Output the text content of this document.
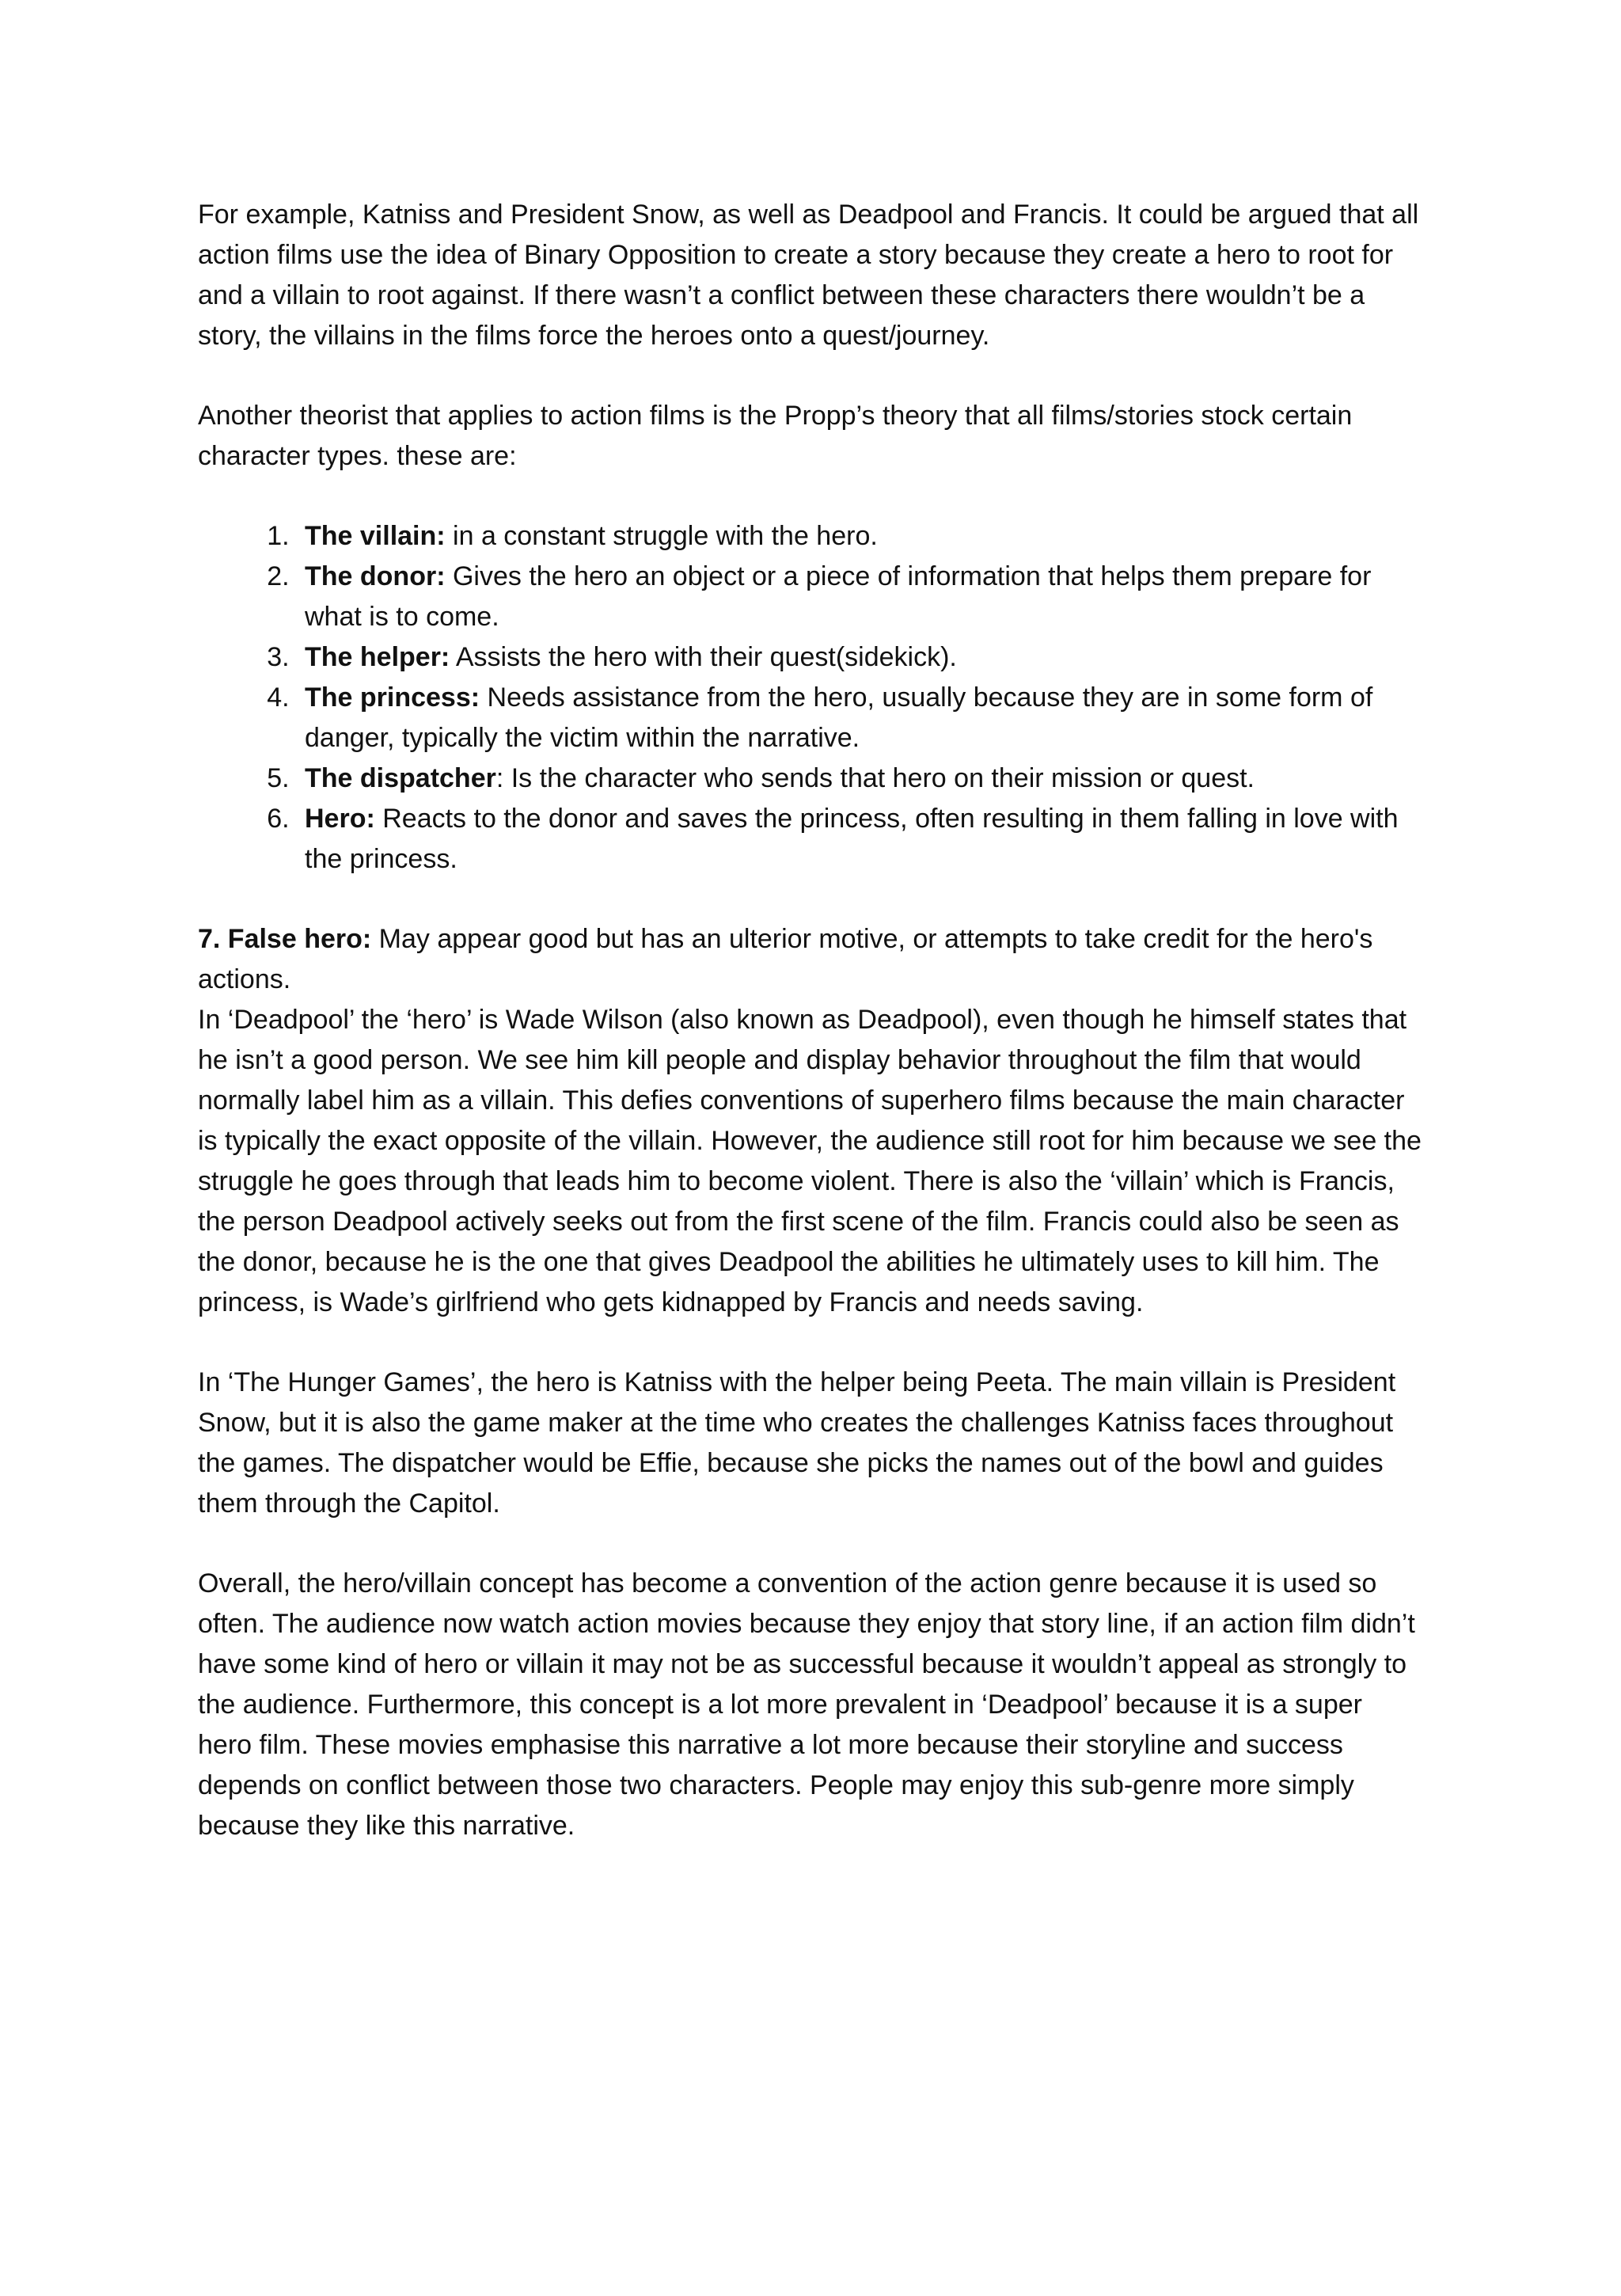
For example, Katniss and President Snow, as well as Deadpool and Francis. It could be argued that all action films use the idea of Binary Opposition to create a story because they create a hero to root for and a villain to root against. If there wasn’t a conflict between these characters there wouldn’t be a story, the villains in the films force the heroes onto a quest/journey.

Another theorist that applies to action films is the Propp’s theory that all films/stories stock certain character types. these are:

1. The villain: in a constant struggle with the hero.
2. The donor: Gives the hero an object or a piece of information that helps them prepare for what is to come.
3. The helper: Assists the hero with their quest(sidekick).
4. The princess: Needs assistance from the hero, usually because they are in some form of danger, typically the victim within the narrative.
5. The dispatcher: Is the character who sends that hero on their mission or quest.
6. Hero: Reacts to the donor and saves the princess, often resulting in them falling in love with the princess.

7. False hero: May appear good but has an ulterior motive, or attempts to take credit for the hero's actions.

In ‘Deadpool’ the ‘hero’ is Wade Wilson (also known as Deadpool), even though he himself states that he isn’t a good person. We see him kill people and display behavior throughout the film that would normally label him as a villain. This defies conventions of superhero films because the main character is typically the exact opposite of the villain. However, the audience still root for him because we see the struggle he goes through that leads him to become violent. There is also the ‘villain’ which is Francis, the person Deadpool actively seeks out from the first scene of the film. Francis could also be seen as the donor, because he is the one that gives Deadpool the abilities he ultimately uses to kill him. The princess, is Wade’s girlfriend who gets kidnapped by Francis and needs saving.

In ‘The Hunger Games’, the hero is Katniss with the helper being Peeta. The main villain is President Snow, but it is also the game maker at the time who creates the challenges Katniss faces throughout the games. The dispatcher would be Effie, because she picks the names out of the bowl and guides them through the Capitol.

Overall, the hero/villain concept has become a convention of the action genre because it is used so often. The audience now watch action movies because they enjoy that story line, if an action film didn’t have some kind of hero or villain it may not be as successful because it wouldn’t appeal as strongly to the audience. Furthermore, this concept is a lot more prevalent in ‘Deadpool’ because it is a super hero film. These movies emphasise this narrative a lot more because their storyline and success depends on conflict between those two characters. People may enjoy this sub-genre more simply because they like this narrative.
